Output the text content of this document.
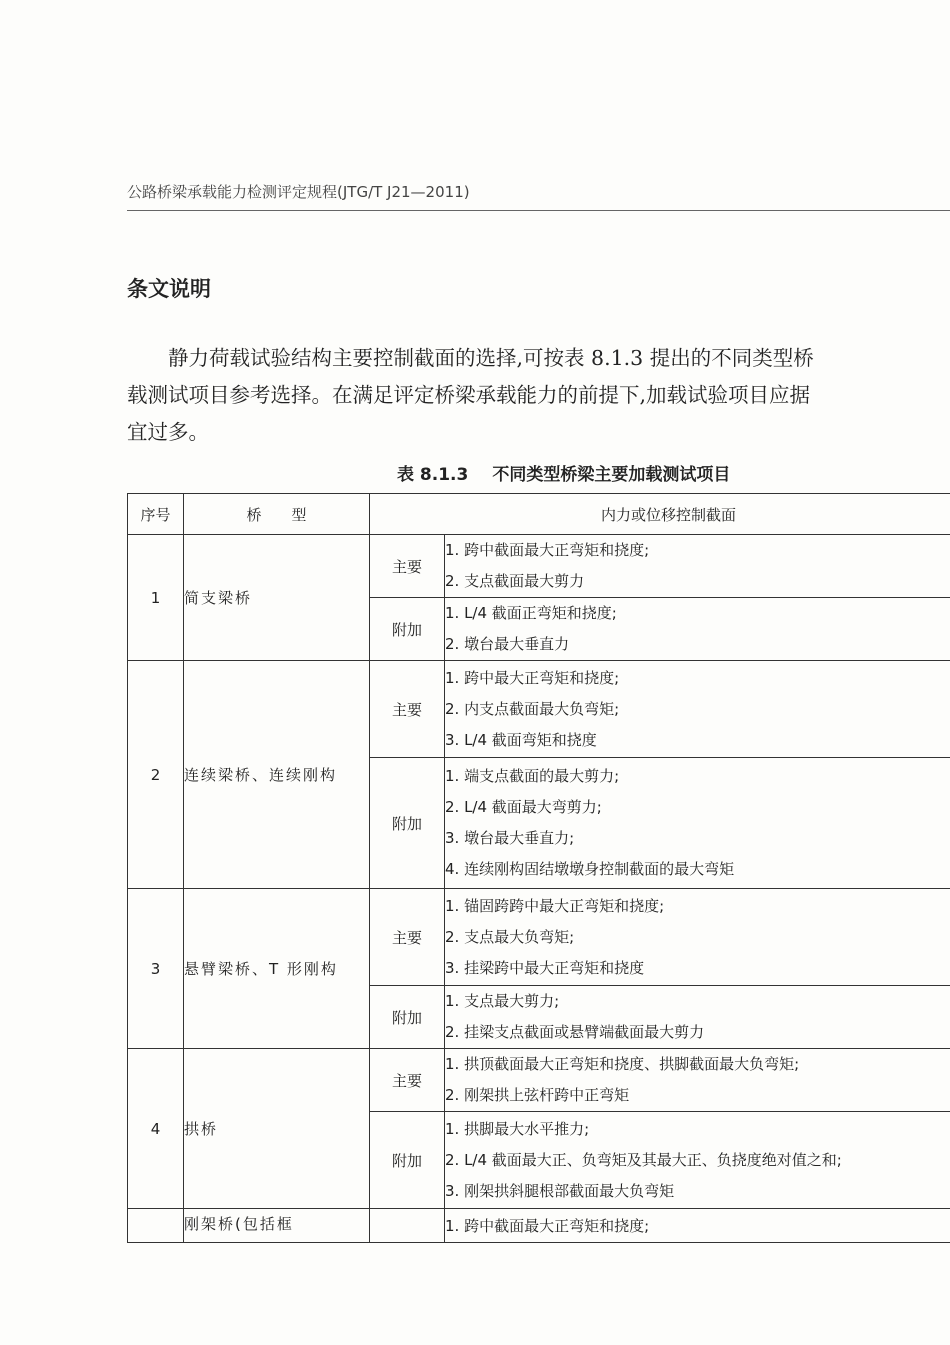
公路桥梁承载能力检测评定规程(JTG/T J21—2011)
条文说明
　　静力荷载试验结构主要控制截面的选择,可按表 8.1.3 提出的不同类型桥
载测试项目参考选择。在满足评定桥梁承载能力的前提下,加载试验项目应据
宜过多。
表 8.1.3 不同类型桥梁主要加载测试项目
序号	桥　　型	内力或位移控制截面	
1	简支梁桥	主要	1. 跨中截面最大正弯矩和挠度;
2. 支点截面最大剪力

		附加	1. L/4 截面正弯矩和挠度;
2. 墩台最大垂直力

2	连续梁桥、连续刚构	主要	1. 跨中最大正弯矩和挠度;
2. 内支点截面最大负弯矩;
3. L/4 截面弯矩和挠度

		附加	1. 端支点截面的最大剪力;
2. L/4 截面最大弯剪力;
3. 墩台最大垂直力;
4. 连续刚构固结墩墩身控制截面的最大弯矩

3	悬臂梁桥、T 形刚构	主要	1. 锚固跨跨中最大正弯矩和挠度;
2. 支点最大负弯矩;
3. 挂梁跨中最大正弯矩和挠度

		附加	1. 支点最大剪力;
2. 挂梁支点截面或悬臂端截面最大剪力

4	拱桥	主要	1. 拱顶截面最大正弯矩和挠度、拱脚截面最大负弯矩;
2. 刚架拱上弦杆跨中正弯矩

		附加	1. 拱脚最大水平推力;
2. L/4 截面最大正、负弯矩及其最大正、负挠度绝对值之和;
3. 刚架拱斜腿根部截面最大负弯矩

	刚架桥(包括框		1. 跨中截面最大正弯矩和挠度;
